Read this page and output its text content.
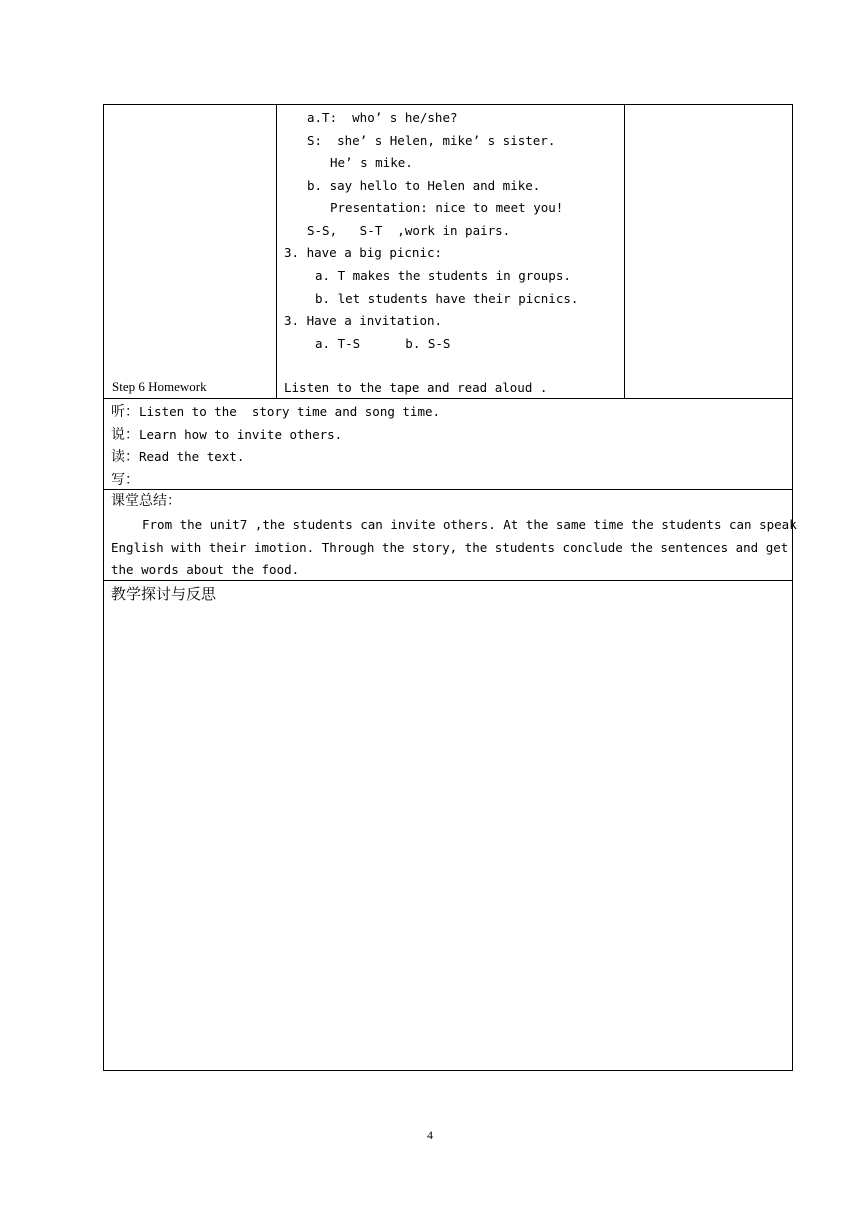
Step 6 Homework
a.T:  who’ s he/she?
S:  she’ s Helen, mike’ s sister.
He’ s mike.
b. say hello to Helen and mike.
Presentation: nice to meet you!
S-S,   S-T  ,work in pairs.
3. have a big picnic:
a. T makes the students in groups.
b. let students have their picnics.
3. Have a invitation.
a. T-S      b. S-S
Listen to the tape and read aloud .
听：Listen to the  story time and song time.
说：Learn how to invite others.
读：Read the text.
写：
课堂总结：
From the unit7 ,the students can invite others. At the same time the students can speak
English with their imotion. Through the story, the students conclude the sentences and get
the words about the food.
教学探讨与反思
4
